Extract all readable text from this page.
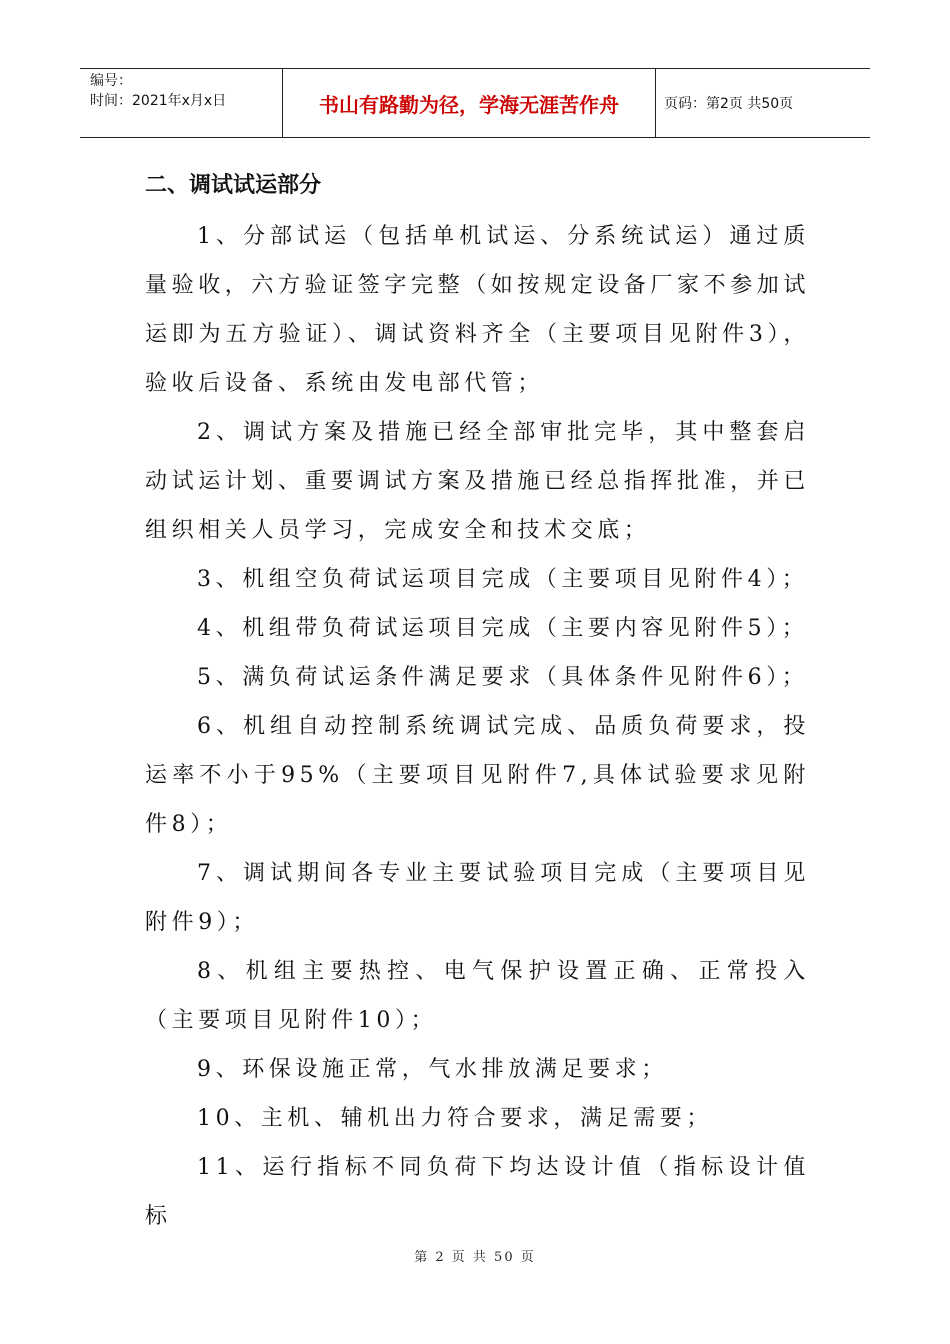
编号：
时间：2021年x月x日	书山有路勤为径，学海无涯苦作舟	页码：第2页 共50页
二、调试试运部分

1、分部试运（包括单机试运、分系统试运）通过质量验收，六方验证签字完整（如按规定设备厂家不参加试运即为五方验证）、调试资料齐全（主要项目见附件3），验收后设备、系统由发电部代管；

2、调试方案及措施已经全部审批完毕，其中整套启动试运计划、重要调试方案及措施已经总指挥批准，并已组织相关人员学习，完成安全和技术交底；

3、机组空负荷试运项目完成（主要项目见附件4）；

4、机组带负荷试运项目完成（主要内容见附件5）；

5、满负荷试运条件满足要求（具体条件见附件6）；

6、机组自动控制系统调试完成、品质负荷要求，投运率不小于95%（主要项目见附件7,具体试验要求见附件8）；

7、调试期间各专业主要试验项目完成（主要项目见附件9）；

8、机组主要热控、电气保护设置正确、正常投入（主要项目见附件10）；

9、环保设施正常，气水排放满足要求；

10、主机、辅机出力符合要求，满足需要；

11、运行指标不同负荷下均达设计值（指标设计值标

第 2 页 共 50 页
